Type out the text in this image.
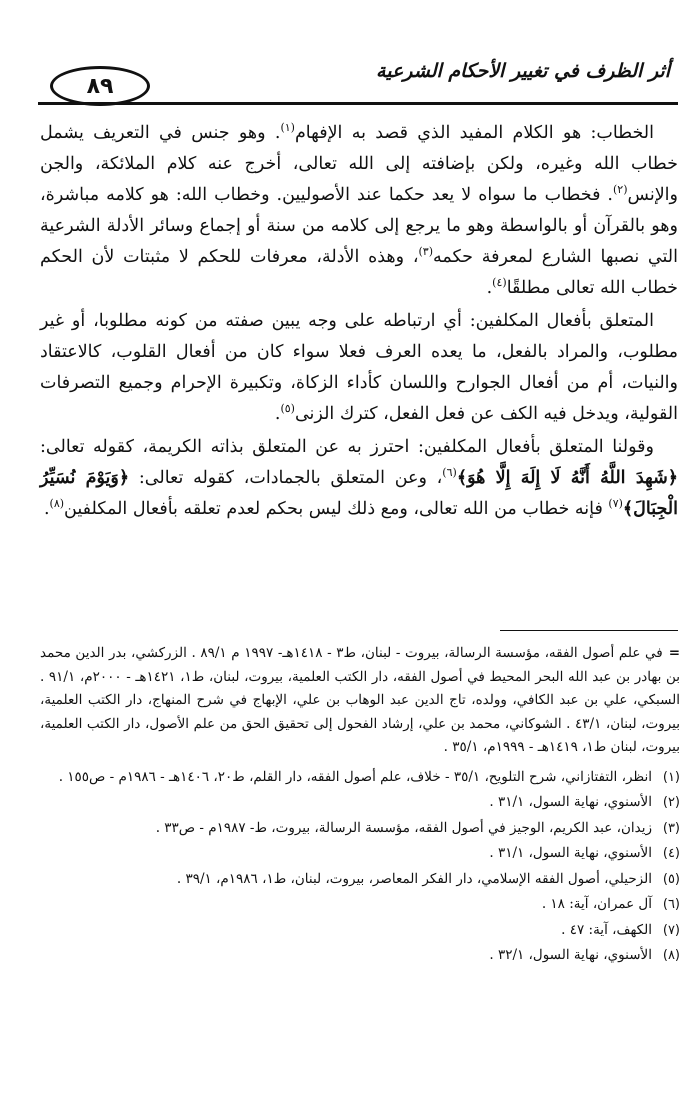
٨٩
أثر الظرف في تغيير الأحكام الشرعية

الخطاب: هو الكلام المفيد الذي قصد به الإفهام$^{(١)}$. وهو جنس في التعريف يشمل خطاب الله وغيره، ولكن بإضافته إلى الله تعالى، أخرج عنه كلام الملائكة، والجن والإنس$^{(٢)}$. فخطاب ما سواه لا يعد حكما عند الأصوليين. وخطاب الله: هو كلامه مباشرة، وهو بالقرآن أو بالواسطة وهو ما يرجع إلى كلامه من سنة أو إجماع وسائر الأدلة الشرعية التي نصبها الشارع لمعرفة حكمه$^{(٣)}$، وهذه الأدلة، معرفات للحكم لا مثبتات لأن الحكم خطاب الله تعالى مطلقًا$^{(٤)}$.

المتعلق بأفعال المكلفين: أي ارتباطه على وجه يبين صفته من كونه مطلوبا، أو غير مطلوب، والمراد بالفعل، ما يعده العرف فعلا سواء كان من أفعال القلوب، كالاعتقاد والنيات، أم من أفعال الجوارح واللسان كأداء الزكاة، وتكبيرة الإحرام وجميع التصرفات القولية، ويدخل فيه الكف عن فعل الفعل، كترك الزنى$^{(٥)}$.

وقولنا المتعلق بأفعال المكلفين: احترز به عن المتعلق بذاته الكريمة، كقوله تعالى: ﴿شَهِدَ اللَّهُ أَنَّهُ لَا إِلَهَ إِلَّا هُوَ﴾$^{(٦)}$، وعن المتعلق بالجمادات، كقوله تعالى: ﴿وَيَوْمَ نُسَيِّرُ الْجِبَالَ﴾$^{(٧)}$ فإنه خطاب من الله تعالى، ومع ذلك ليس بحكم لعدم تعلقه بأفعال المكلفين$^{(٨)}$.

=في علم أصول الفقه، مؤسسة الرسالة، بيروت - لبنان، ط٣ - ١٤١٨هـ- ١٩٩٧ م ٨٩/١ . الزركشي، بدر الدين محمد بن بهادر بن عبد الله البحر المحيط في أصول الفقه، دار الكتب العلمية، بيروت، لبنان، ط١، ١٤٢١هـ - ٢٠٠٠م، ٩١/١ . السبكي، علي بن عبد الكافي، وولده، تاج الدين عبد الوهاب بن علي، الإبهاج في شرح المنهاج، دار الكتب العلمية، بيروت، لبنان، ٤٣/١ . الشوكاني، محمد بن علي، إرشاد الفحول إلى تحقيق الحق من علم الأصول، دار الكتب العلمية، بيروت، لبنان ط١، ١٤١٩هـ - ١٩٩٩م، ٣٥/١ .

(١)
انظر، التفتازاني، شرح التلويح، ٣٥/١ - خلاف، علم أصول الفقه، دار القلم، ط٢٠، ١٤٠٦هـ - ١٩٨٦م - ص١٥٥ .
(٢)
الأسنوي، نهاية السول، ٣١/١ .
(٣)
زيدان، عبد الكريم، الوجيز في أصول الفقه، مؤسسة الرسالة، بيروت، ط- ١٩٨٧م - ص٣٣ .
(٤)
الأسنوي، نهاية السول، ٣١/١ .
(٥)
الزحيلي، أصول الفقه الإسلامي، دار الفكر المعاصر، بيروت، لبنان، ط١، ١٩٨٦م، ٣٩/١ .
(٦)
آل عمران، آية: ١٨ .
(٧)
الكهف، آية: ٤٧ .
(٨)
الأسنوي، نهاية السول، ٣٢/١ .
